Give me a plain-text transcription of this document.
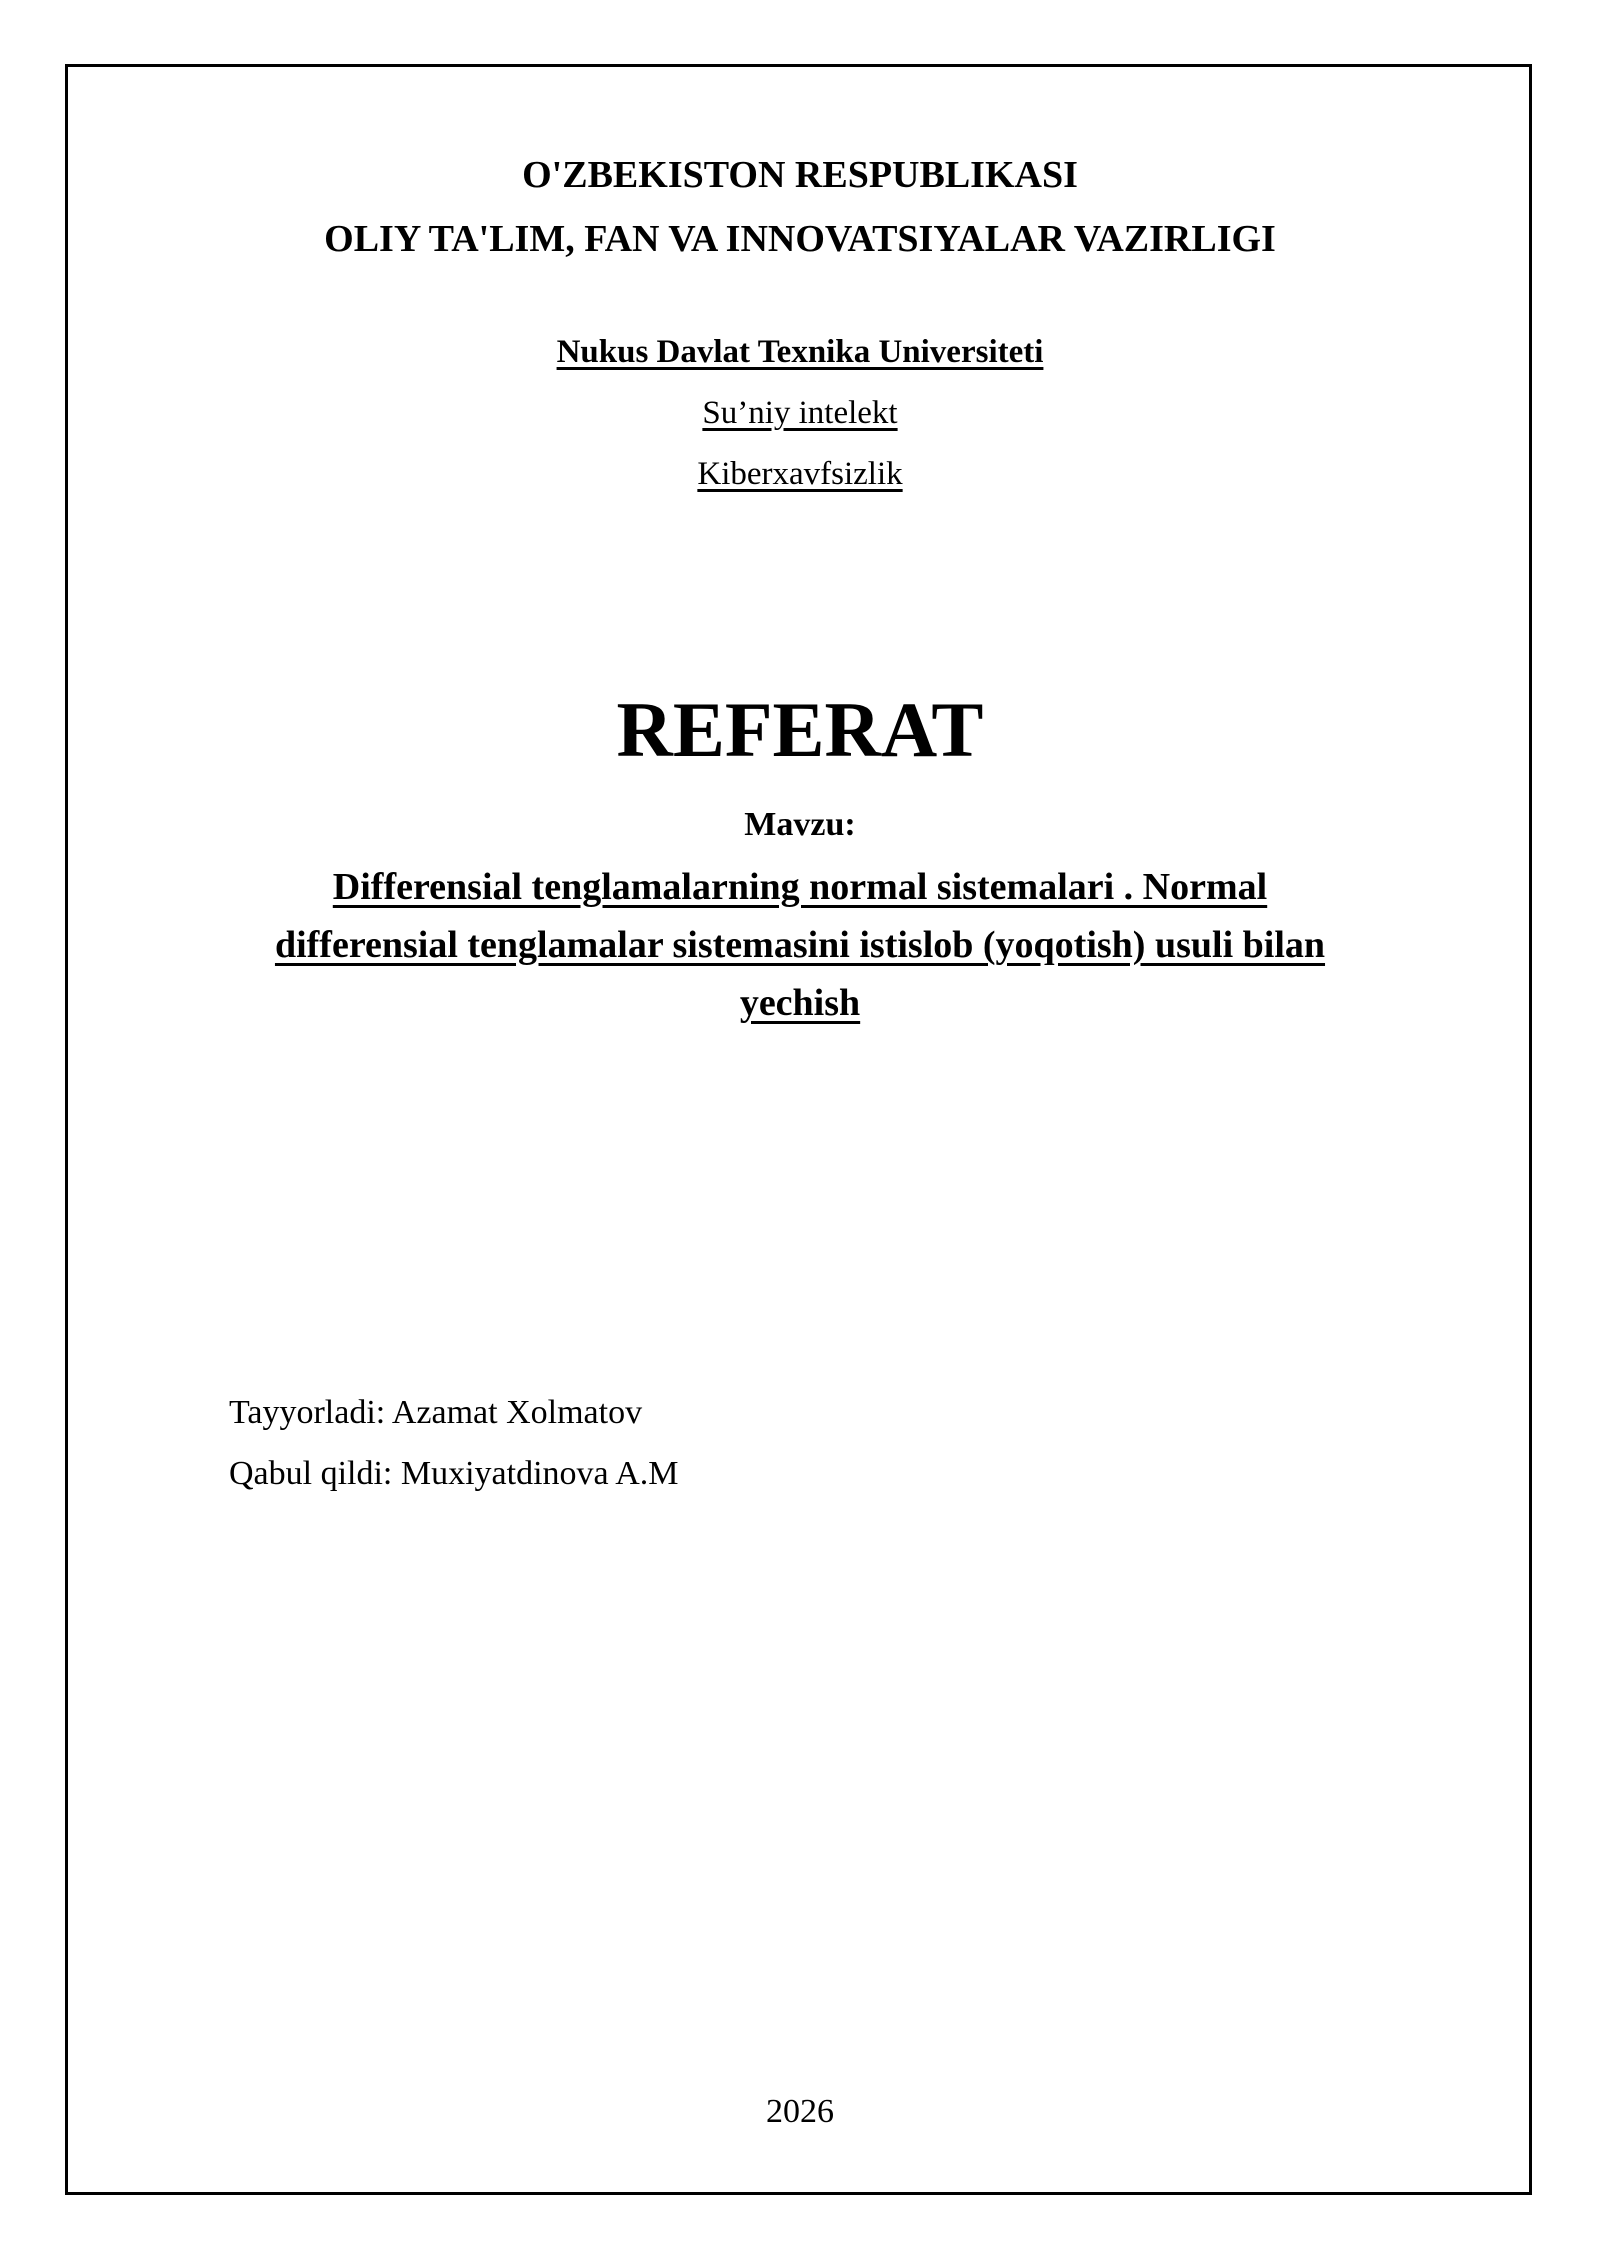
O'ZBEKISTON RESPUBLIKASI
OLIY TA'LIM, FAN VA INNOVATSIYALAR VAZIRLIGI
Nukus Davlat Texnika Universiteti
Su’niy intelekt
Kiberxavfsizlik
REFERAT
Mavzu:
Differensial tenglamalarning normal sistemalari . Normal
differensial tenglamalar sistemasini istislob (yoqotish) usuli bilan
yechish
Tayyorladi: Azamat Xolmatov
Qabul qildi: Muxiyatdinova A.M
2026
